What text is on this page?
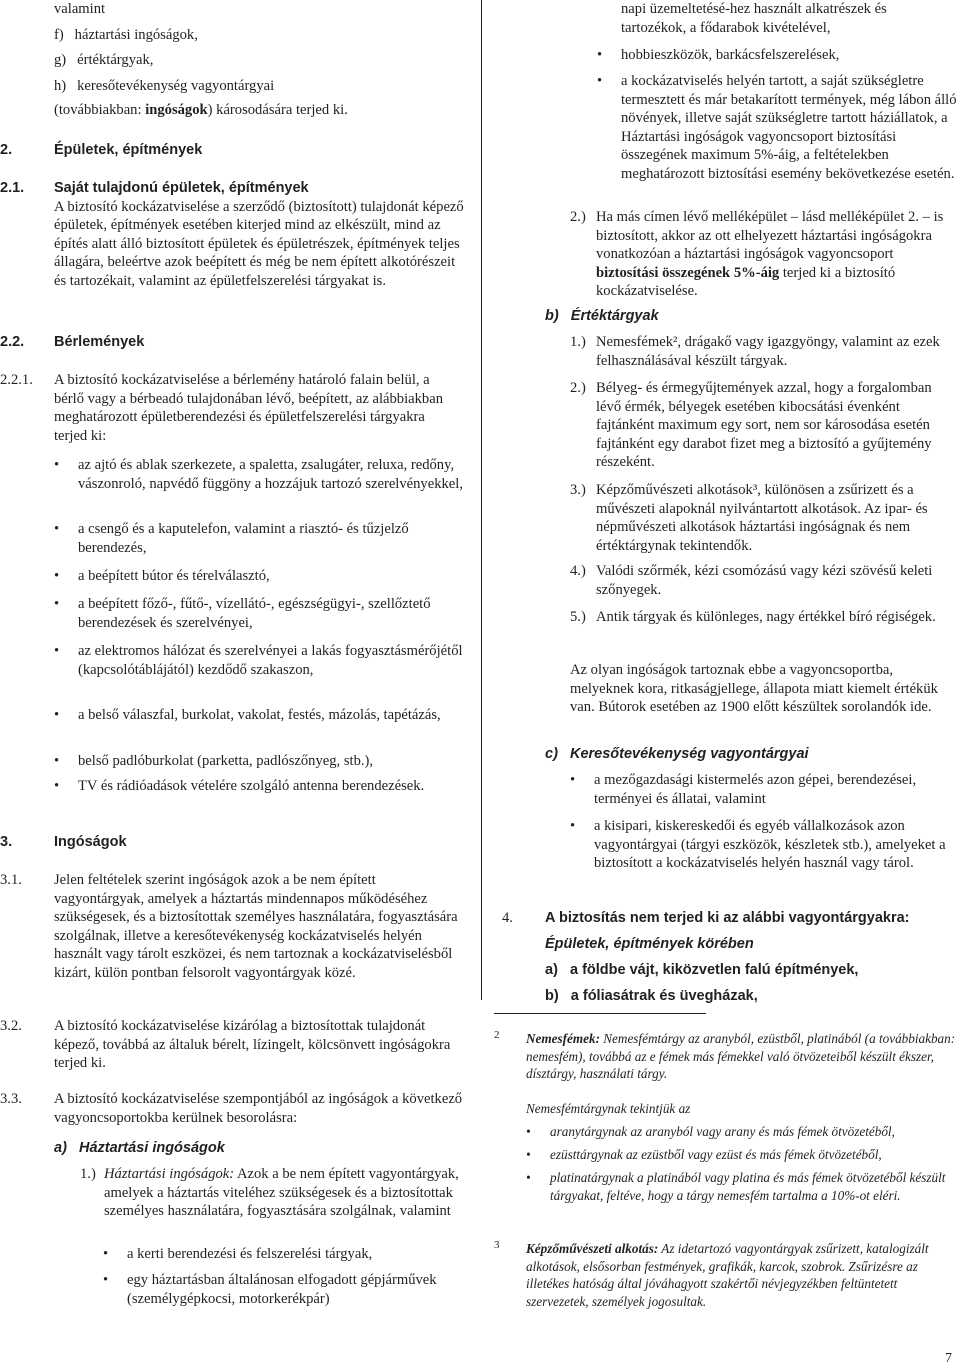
valamint

f)   háztartási ingóságok,

g)   értéktárgyak,

h)   keresőtevékenység vagyontárgyai

(továbbiakban: ingóságok) károsodására terjed ki.

2.	Épületek, építmények
2.1. Saját tulajdonú épületek, építmények

A biztosító kockázatviselése a szerződő (biztosított) tulajdonát képező épületek, építmények esetében kiterjed mind az elkészült, mind az építés alatt álló biztosított épületek és épületrészek, építmények teljes állagára, beleértve azok beépített és még be nem épített alkotórészeit és tartozékait, valamint az épületfelszerelési tárgyakat is.

2.2. Bérlemények
2.2.1. A biztosító kockázatviselése a bérlemény határoló falain belül, a bérlő vagy a bérbeadó tulajdonában lévő, beépített, az alábbiakban meghatározott épületberendezési és épületfelszerelési tárgyakra terjed ki:

• az ajtó és ablak szerkezete, a spaletta, zsalugáter, reluxa, redőny, vászonroló, napvédő függöny a hozzájuk tartozó szerelvényekkel,

• a csengő és a kaputelefon, valamint a riasztó- és tűzjelző berendezés,

• a beépített bútor és térelválasztó,

• a beépített főző-, fűtő-, vízellátó-, egészségügyi-, szellőztető berendezések és szerelvényei,

• az elektromos hálózat és szerelvényei a lakás fogyasztásmérőjétől (kapcsolótáblájától) kezdődő szakaszon,

• a belső válaszfal, burkolat, vakolat, festés, mázolás, tapétázás,

• belső padlóburkolat (parketta, padlószőnyeg, stb.),

• TV és rádióadások vételére szolgáló antenna berendezések.

3.	Ingóságok
3.1. Jelen feltételek szerint ingóságok azok a be nem épített vagyontárgyak, amelyek a háztartás mindennapos működéséhez szükségesek, és a biztosítottak személyes használatára, fogyasztására szolgálnak, illetve a keresőtevékenység kockázatviselés helyén használt vagy tárolt eszközei, és nem tartoznak a kockázatviselésből kizárt, külön pontban felsorolt vagyontárgyak közé.

3.2. A biztosító kockázatviselése kizárólag a biztosítottak tulajdonát képező, továbbá az általuk bérelt, lízingelt, kölcsönvett ingóságokra terjed ki.

3.3. A biztosító kockázatviselése szempontjából az ingóságok a következő vagyoncsoportokba kerülnek besorolásra:

a)   Háztartási ingóságok

1.) Háztartási ingóságok: Azok a be nem épített vagyontárgyak, amelyek a háztartás viteléhez szükségesek és a biztosítottak személyes használatára, fogyasztására szolgálnak, valamint

• a kerti berendezési és felszerelési tárgyak,

• egy háztartásban általánosan elfogadott gépjárművek (személygépkocsi, motorkerékpár)

napi üzemeltetésé-hez használt alkatrészek és tartozékok, a fődarabok kivételével,

• hobbieszközök, barkácsfelszerelések,

• a kockázatviselés helyén tartott, a saját szükségletre termesztett és már betakarított termények, még lábon álló növények, illetve saját szükségletre tartott háziállatok, a Háztartási ingóságok vagyoncsoport biztosítási összegének maximum 5%-áig, a feltételekben meghatározott biztosítási esemény bekövetkezése esetén.

2.) Ha más címen lévő melléképület – lásd melléképület 2. – is biztosított, akkor az ott elhelyezett háztartási ingóságokra vonatkozóan a háztartási ingóságok vagyoncsoport biztosítási összegének 5%-áig terjed ki a biztosító kockázatviselése.

b)   Értéktárgyak

1.) Nemesfémek², drágakő vagy igazgyöngy, valamint az ezek felhasználásával készült tárgyak.

2.) Bélyeg- és érmegyűjtemények azzal, hogy a forgalomban lévő érmék, bélyegek esetében kibocsátási évenként fajtánként maximum egy sort, nem sor károsodása esetén fajtánként egy darabot fizet meg a biztosító a gyűjtemény részeként.

3.) Képzőművészeti alkotások³, különösen a zsűrizett és a művészeti alapoknál nyilvántartott alkotások. Az ipar- és népművészeti alkotások háztartási ingóságnak és nem értéktárgynak tekintendők.

4.) Valódi szőrmék, kézi csomózású vagy kézi szövésű keleti szőnyegek.

5.) Antik tárgyak és különleges, nagy értékkel bíró régiségek.

Az olyan ingóságok tartoznak ebbe a vagyoncsoportba, melyeknek kora, ritkaságjellege, állapota miatt kiemelt értékük van. Bútorok esetében az 1900 előtt készültek sorolandók ide.

c)   Keresőtevékenység vagyontárgyai

• a mezőgazdasági kistermelés azon gépei, berendezései, terményei és állatai, valamint

• a kisipari, kiskereskedői és egyéb vállalkozások azon vagyontárgyai (tárgyi eszközök, készletek stb.), amelyeket a biztosított a kockázatviselés helyén használ vagy tárol.

4. A biztosítás nem terjed ki az alábbi vagyontárgyakra:

Épületek, építmények körében

a)   a földbe vájt, kiközvetlen falú építmények,

b)   a fóliasátrak és üvegházak,

2 Nemesfémek: Nemesfémtárgy az aranyból, ezüstből, platinából (a továbbiakban: nemesfém), továbbá az e fémek más fémekkel való ötvözeteiből készült ékszer, dísztárgy, használati tárgy.

Nemesfémtárgynak tekintjük az

• aranytárgynak az aranyból vagy arany és más fémek ötvözetéből,

• ezüsttárgynak az ezüstből vagy ezüst és más fémek ötvözetéből,

• platinatárgynak a platinából vagy platina és más fémek ötvözetéből készült tárgyakat, feltéve, hogy a tárgy nemesfém tartalma a 10%-ot eléri.

3 Képzőművészeti alkotás: Az idetartozó vagyontárgyak zsűrizett, katalogizált alkotások, elsősorban festmények, grafikák, karcok, szobrok. Zsűrizésre az illetékes hatóság által jóváhagyott szakértői névjegyzékben feltüntetett szervezetek, személyek jogosultak.

7
